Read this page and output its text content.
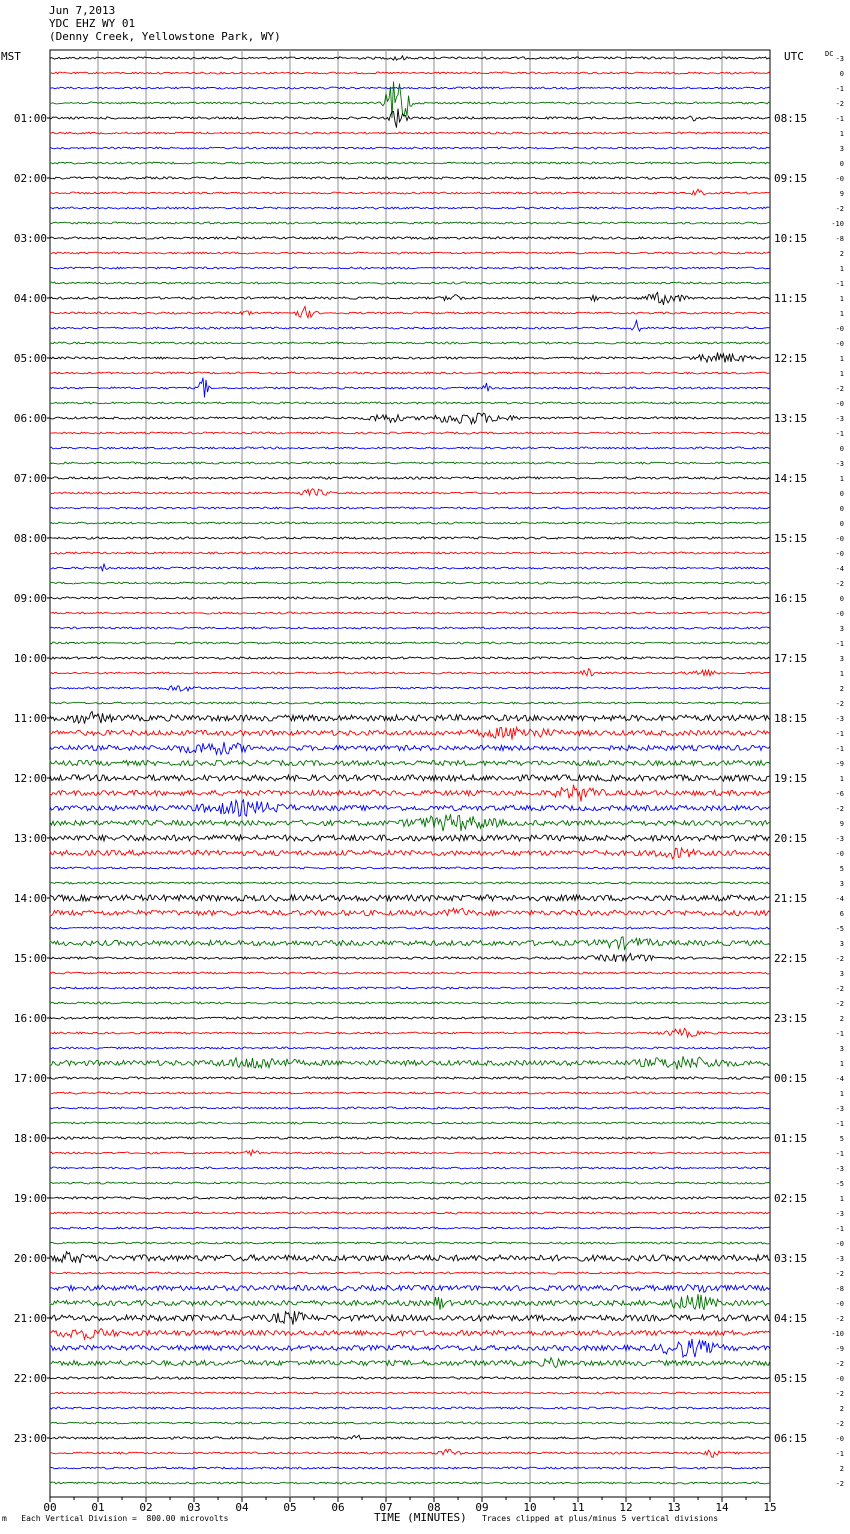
Jun 7,2013
YDC EHZ WY 01
(Denny Creek, Yellowstone Park, WY)
MST	UTC	DC
00	01	02	03	04	05	06	07	08	09	10	11	12	13	14	15
-3
0
-1
-2
-1
1
3
0
-0
9
-2
-10
-8
2
1
-1
1
1
-0
-0
1
1
-2
-0
-3
-1
0
-3
1
0
0
0
-0
-0
-4
-2
0
-0
3
-1
3
1
2
-2
-3
-1
-1
-9
1
-6
-2
9
-3
-0
5
3
-4
6
-5
3
-2
3
-2
-2
2
-1
3
1
-4
1
-3
-1
5
-1
-3
-5
1
-3
-1
-0
-3
-2
-8
-0
-2
-10
-9
-2
-0
-2
2
-2
-0
-1
2
-2
01:00
02:00
03:00
04:00
05:00
06:00
07:00
08:00
09:00
10:00
11:00
12:00
13:00
14:00
15:00
16:00
17:00
18:00
19:00
20:00
21:00
22:00
23:00
08:15
09:15
10:15
11:15
12:15
13:15
14:15
15:15
16:15
17:15
18:15
19:15
20:15
21:15
22:15
23:15
00:15
01:15
02:15
03:15
04:15
05:15
06:15
m Each Vertical Division =  800.00 microvolts	TIME (MINUTES) Traces clipped at plus/minus 5 vertical divisions
